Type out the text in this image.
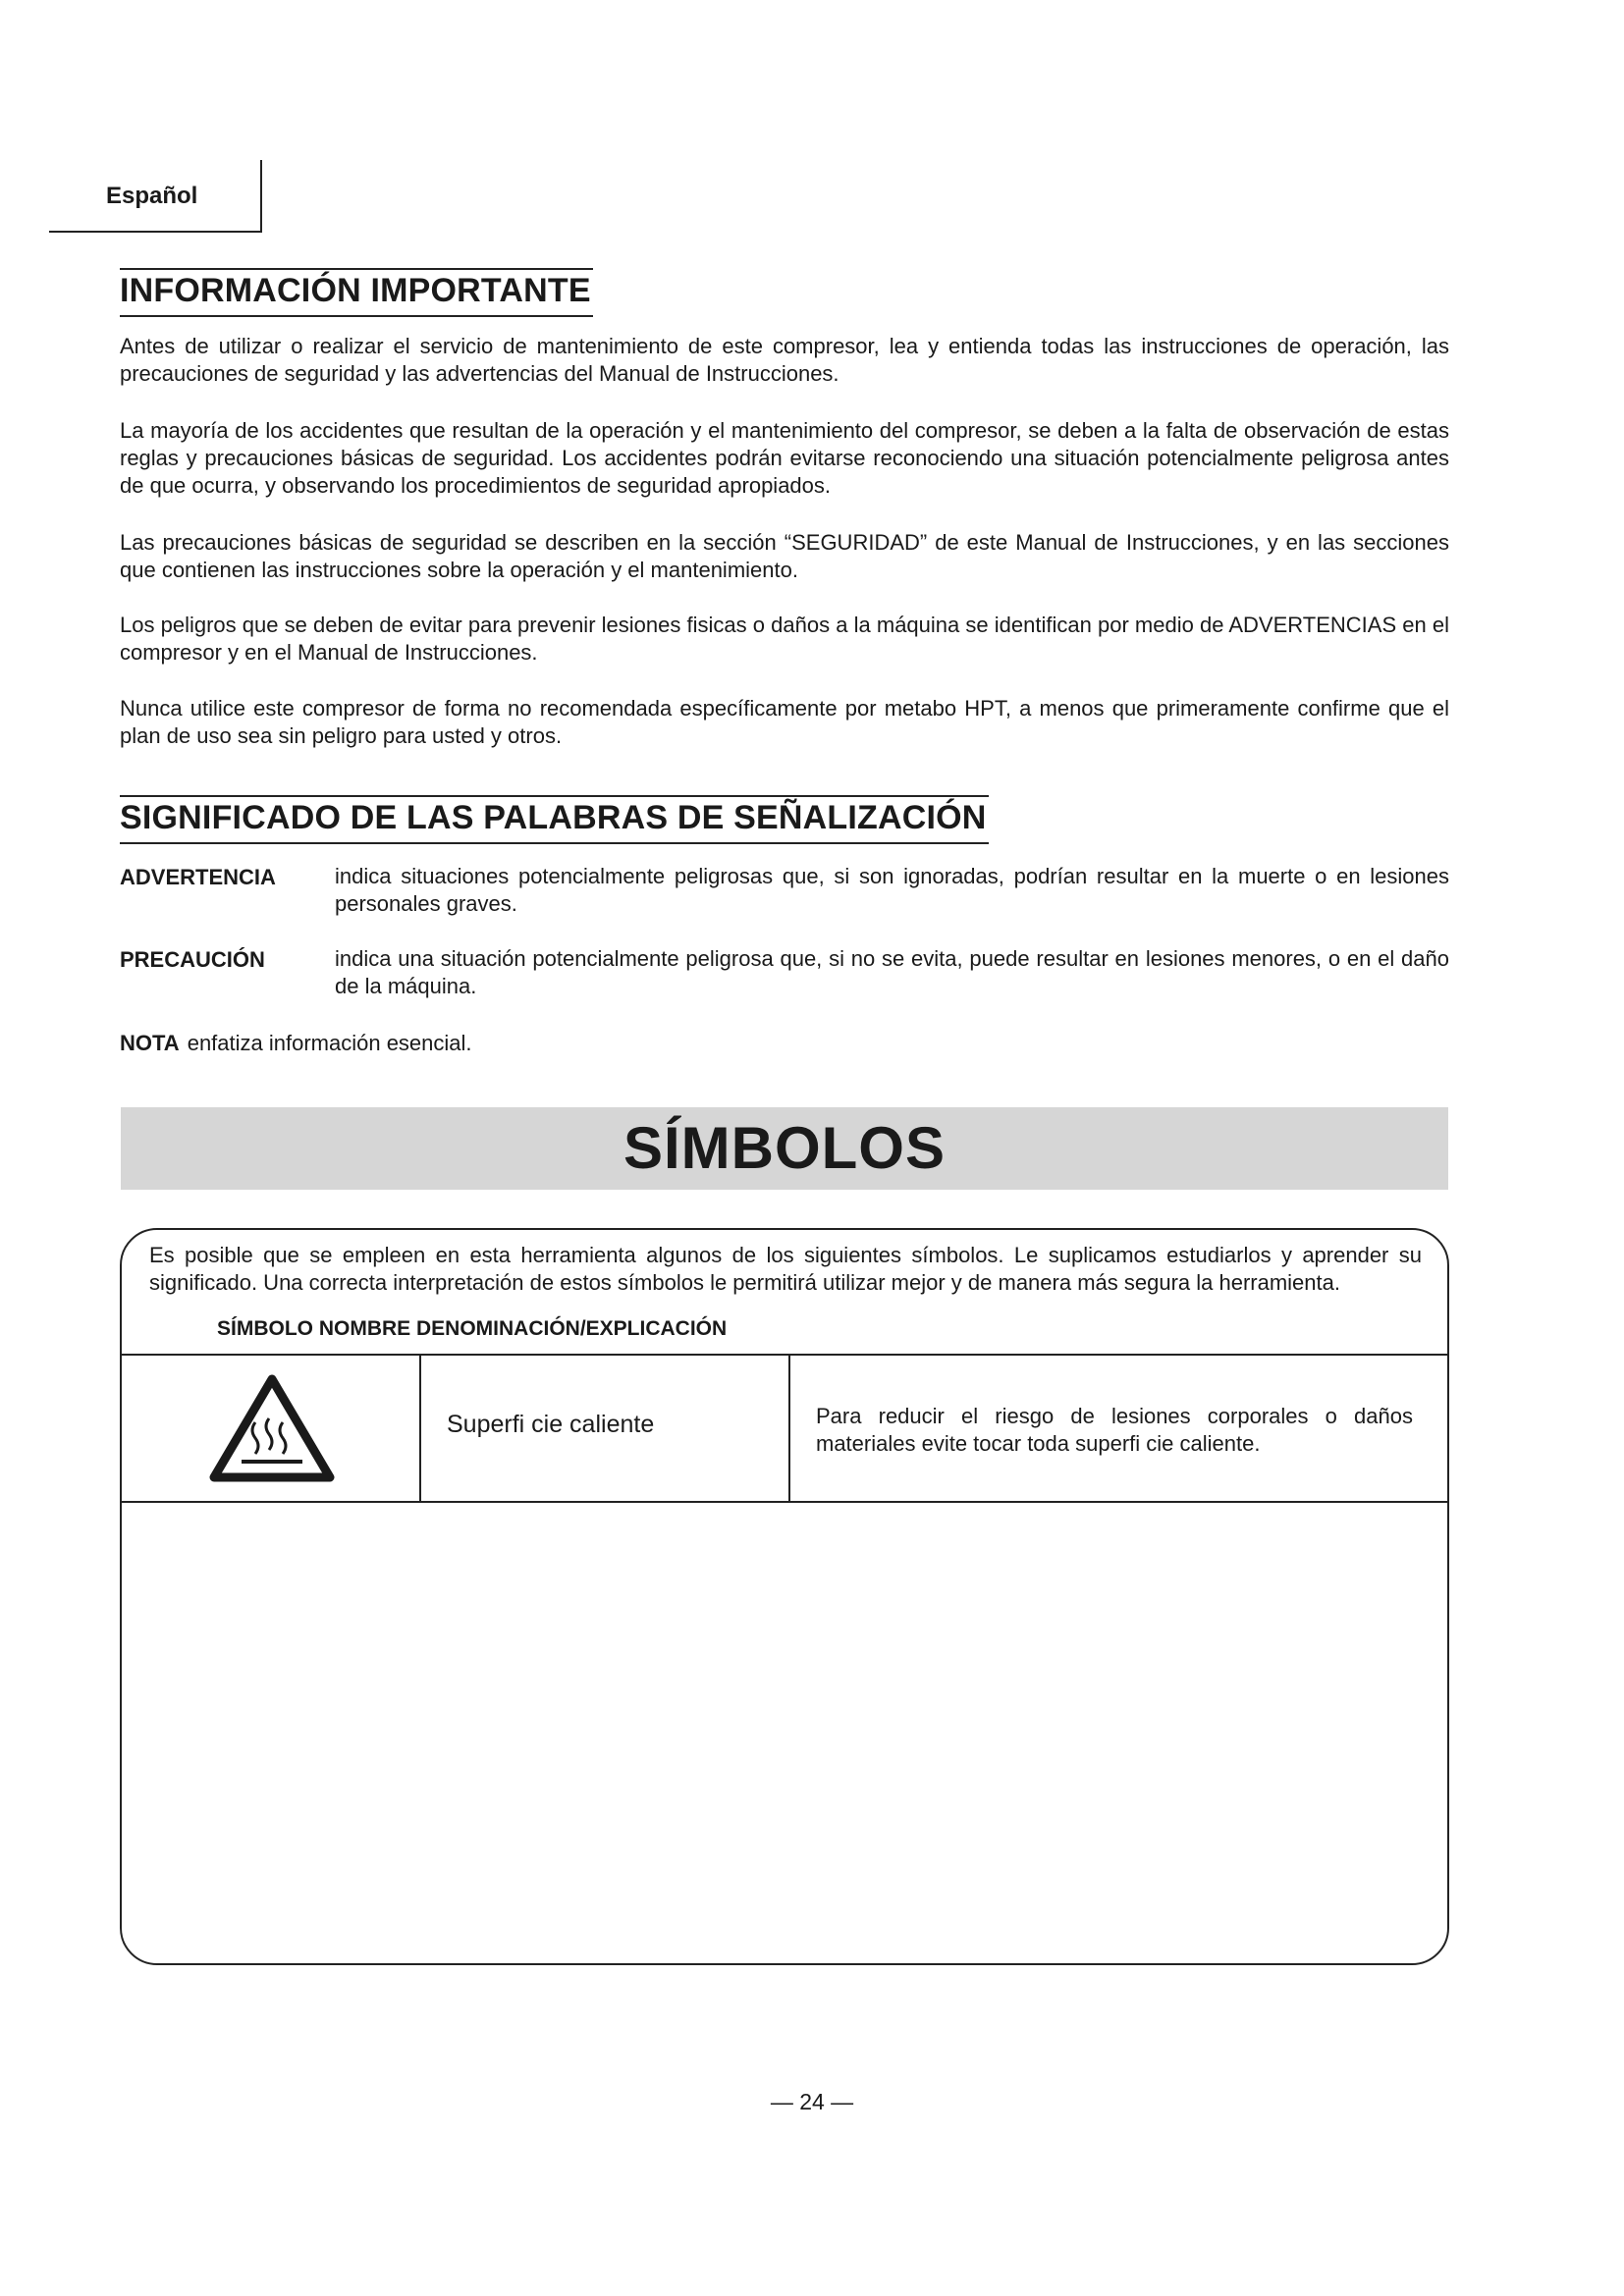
Español
INFORMACIÓN IMPORTANTE

Antes de utilizar o realizar el servicio de mantenimiento de este compresor, lea y entienda todas las instrucciones de operación, las precauciones de seguridad y las advertencias del Manual de Instrucciones.

La mayoría de los accidentes que resultan de la operación y el mantenimiento del compresor, se deben a la falta de observación de estas reglas y precauciones básicas de seguridad. Los accidentes podrán evitarse reconociendo una situación potencialmente peligrosa antes de que ocurra, y observando los procedimientos de seguridad apropiados.

Las precauciones básicas de seguridad se describen en la sección “SEGURIDAD” de este Manual de Instrucciones, y en las secciones que contienen las instrucciones sobre la operación y el mantenimiento.

Los peligros que se deben de evitar para prevenir lesiones fisicas o daños a la máquina se identifican por medio de ADVERTENCIAS en el compresor y en el Manual de Instrucciones.

Nunca utilice este compresor de forma no recomendada específicamente por metabo HPT, a menos que primeramente confirme que el plan de uso sea sin peligro para usted y otros.

SIGNIFICADO DE LAS PALABRAS DE SEÑALIZACIÓN
ADVERTENCIA	indica situaciones potencialmente peligrosas que, si son ignoradas, podrían resultar en la muerte o en lesiones personales graves.

PRECAUCIÓN	indica una situación potencialmente peligrosa que, si no se evita, puede resultar en lesiones menores, o en el daño de la máquina.

NOTA enfatiza información esencial.
SÍMBOLOS

Es posible que se empleen en esta herramienta algunos de los siguientes símbolos. Le suplicamos estudiarlos y aprender su significado. Una correcta interpretación de estos símbolos le permitirá utilizar mejor y de manera más segura la herramienta.

SÍMBOLO NOMBRE DENOMINACIÓN/EXPLICACIÓN
Superfi cie caliente	Para reducir el riesgo de lesiones corporales o daños materiales evite tocar toda superfi cie caliente.

— 24 —
